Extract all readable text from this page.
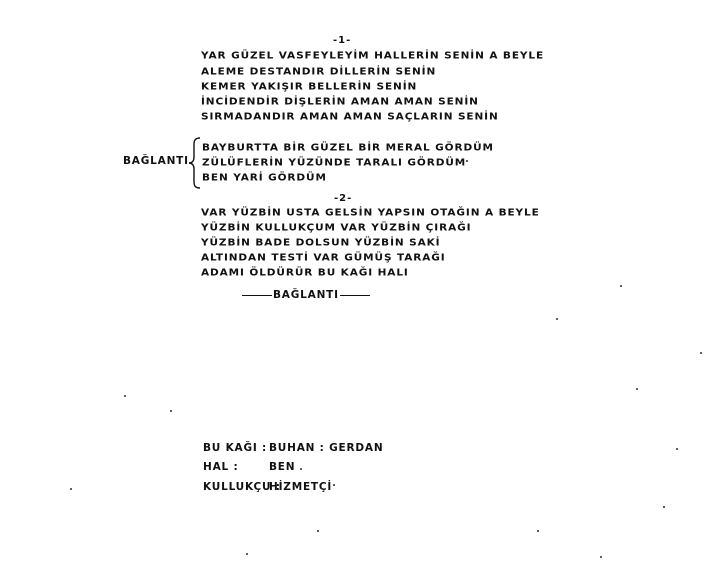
-1-
YAR GÜZEL VASFEYLEYİM HALLERİN SENİN A BEYLE
ALEME DESTANDIR DİLLERİN SENİN
KEMER YAKIŞIR BELLERİN SENİN
İNCİDENDİR DİŞLERİN AMAN AMAN SENİN
SIRMADANDIR AMAN AMAN SAÇLARIN SENİN
BAĞLANTI
BAYBURTTA BİR GÜZEL BİR MERAL GÖRDÜM
ZÜLÜFLERİN YÜZÜNDE TARALI GÖRDÜM
BEN YARİ GÖRDÜM
-2-
VAR YÜZBİN USTA GELSİN YAPSIN OTAĞIN A BEYLE
YÜZBİN KULLUKÇUM VAR YÜZBİN ÇIRAĞI
YÜZBİN BADE DOLSUN YÜZBİN SAKİ
ALTINDAN TESTİ VAR GÜMÜŞ TARAĞI
ADAMI ÖLDÜRÜR BU KAĞI HALI
BAĞLANTI
BU KAĞI : BUHAN : GERDAN
HAL :	BEN
KULLUKÇU :
HİZMETÇİ
